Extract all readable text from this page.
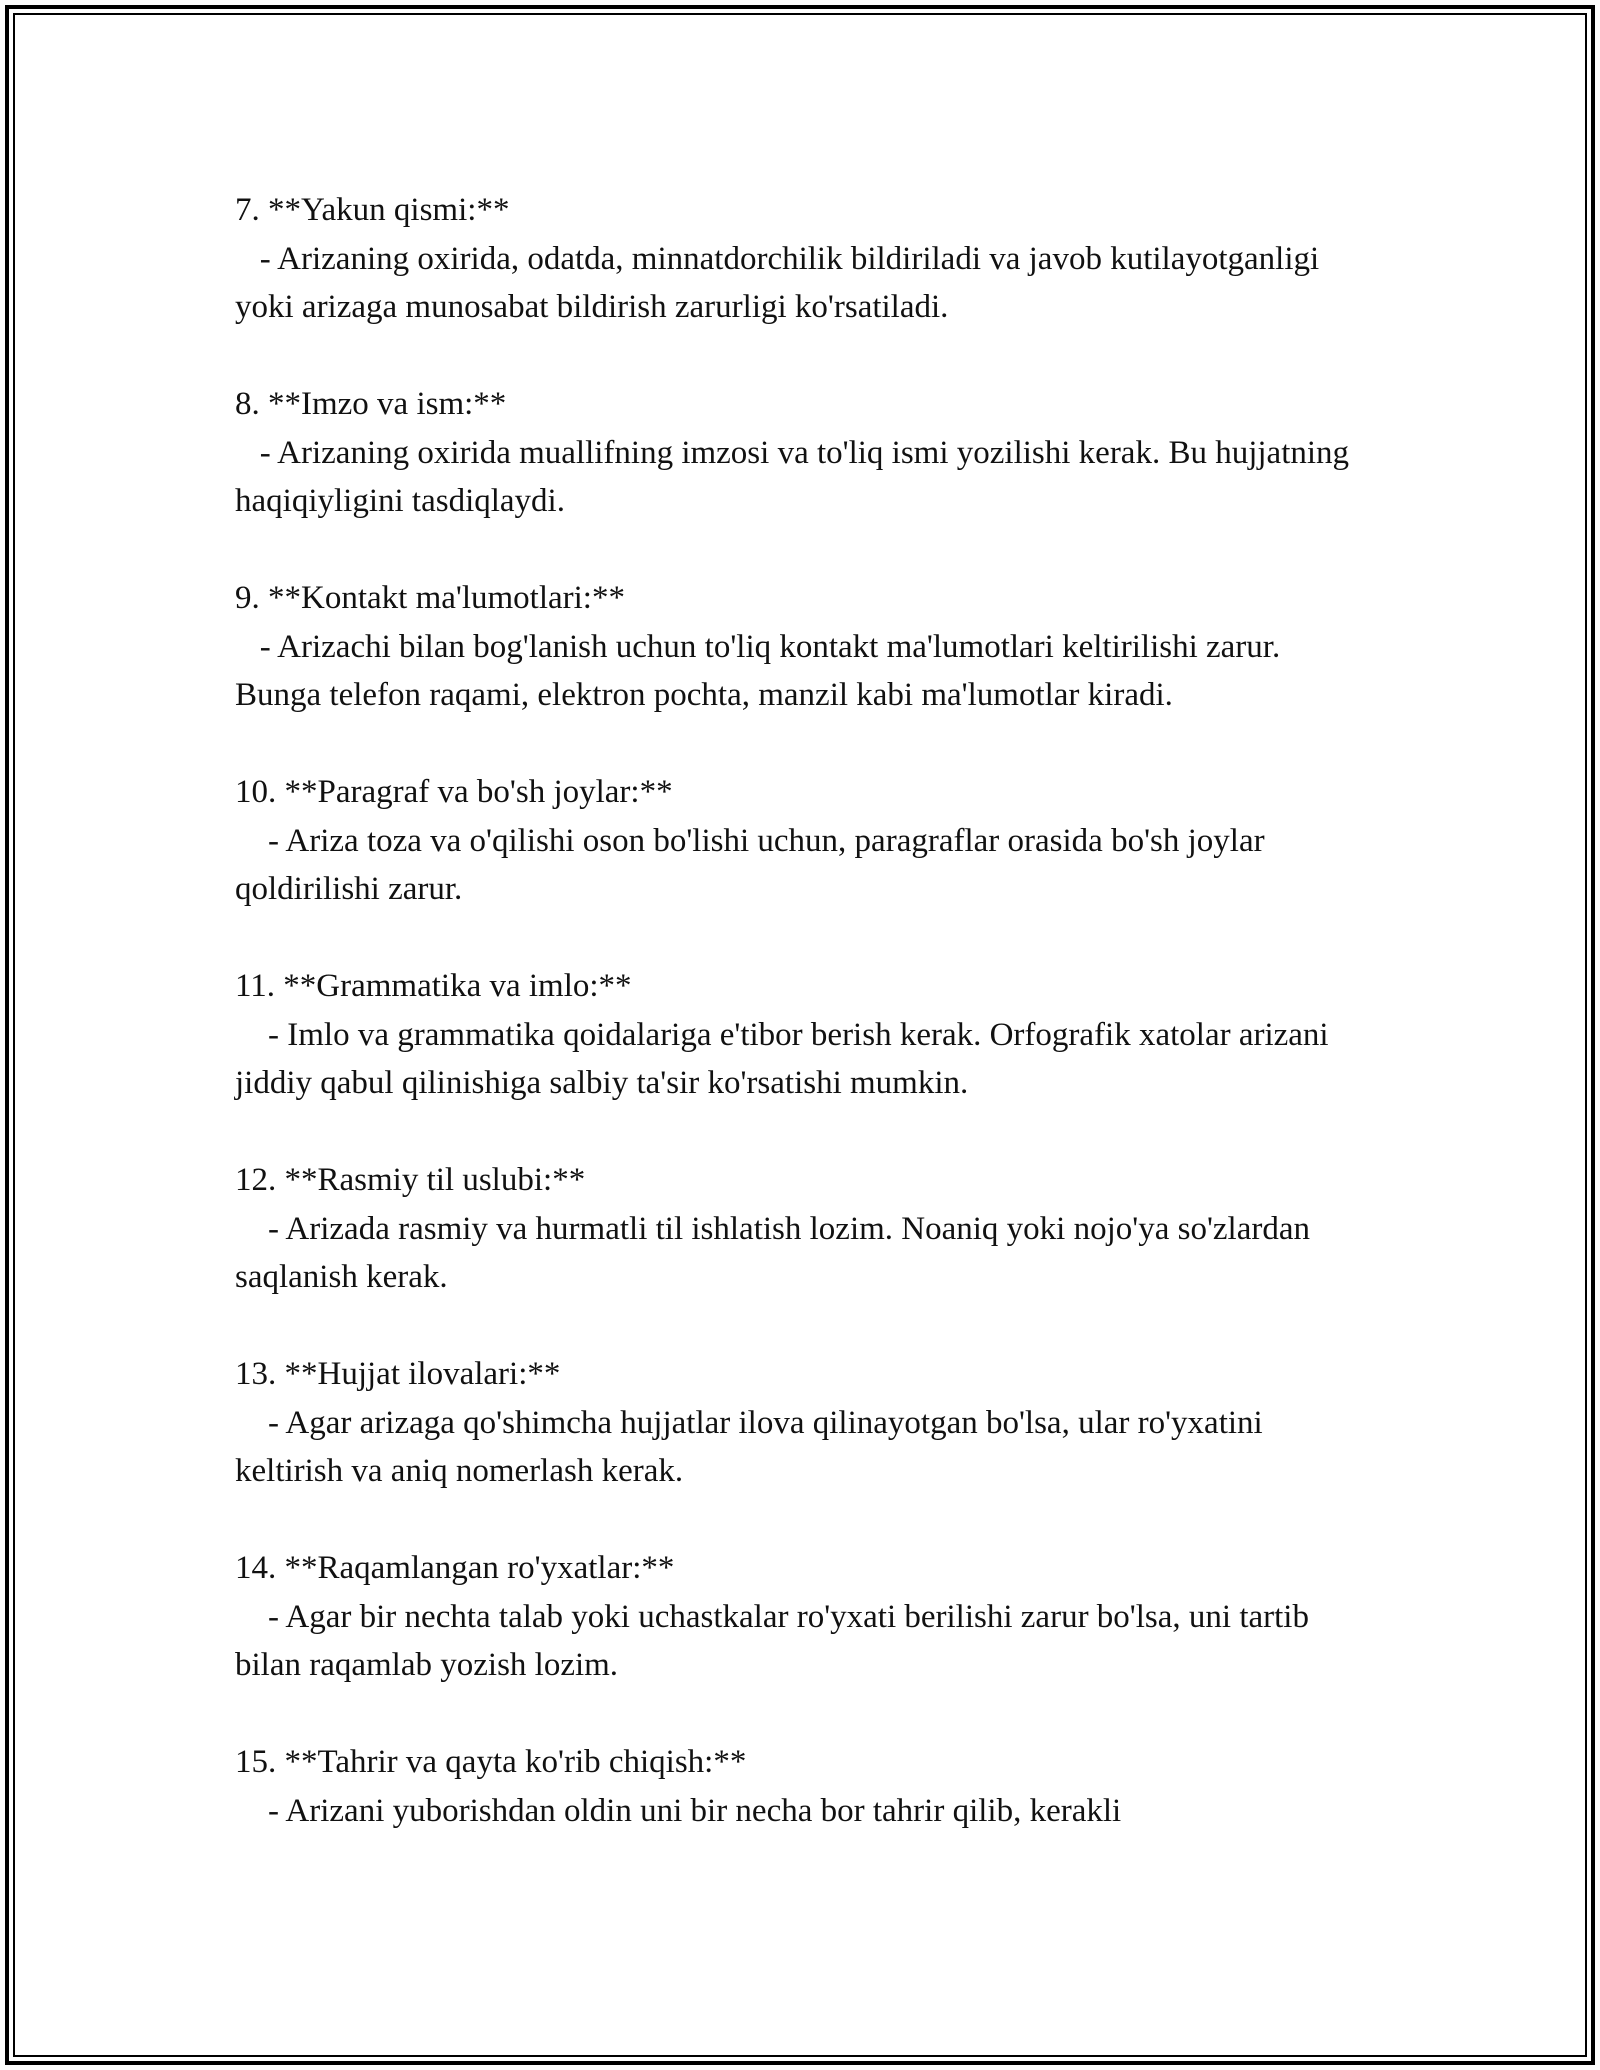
7. **Yakun qismi:**
- Arizaning oxirida, odatda, minnatdorchilik bildiriladi va javob kutilayotganligi yoki arizaga munosabat bildirish zarurligi ko'rsatiladi.
8. **Imzo va ism:**
- Arizaning oxirida muallifning imzosi va to'liq ismi yozilishi kerak. Bu hujjatning haqiqiyligini tasdiqlaydi.
9. **Kontakt ma'lumotlari:**
- Arizachi bilan bog'lanish uchun to'liq kontakt ma'lumotlari keltirilishi zarur. Bunga telefon raqami, elektron pochta, manzil kabi ma'lumotlar kiradi.
10. **Paragraf va bo'sh joylar:**
- Ariza toza va o'qilishi oson bo'lishi uchun, paragraflar orasida bo'sh joylar qoldirilishi zarur.
11. **Grammatika va imlo:**
- Imlo va grammatika qoidalariga e'tibor berish kerak. Orfografik xatolar arizani jiddiy qabul qilinishiga salbiy ta'sir ko'rsatishi mumkin.
12. **Rasmiy til uslubi:**
- Arizada rasmiy va hurmatli til ishlatish lozim. Noaniq yoki nojo'ya so'zlardan saqlanish kerak.
13. **Hujjat ilovalari:**
- Agar arizaga qo'shimcha hujjatlar ilova qilinayotgan bo'lsa, ular ro'yxatini keltirish va aniq nomerlash kerak.
14. **Raqamlangan ro'yxatlar:**
- Agar bir nechta talab yoki uchastkalar ro'yxati berilishi zarur bo'lsa, uni tartib bilan raqamlab yozish lozim.
15. **Tahrir va qayta ko'rib chiqish:**
- Arizani yuborishdan oldin uni bir necha bor tahrir qilib, kerakli
